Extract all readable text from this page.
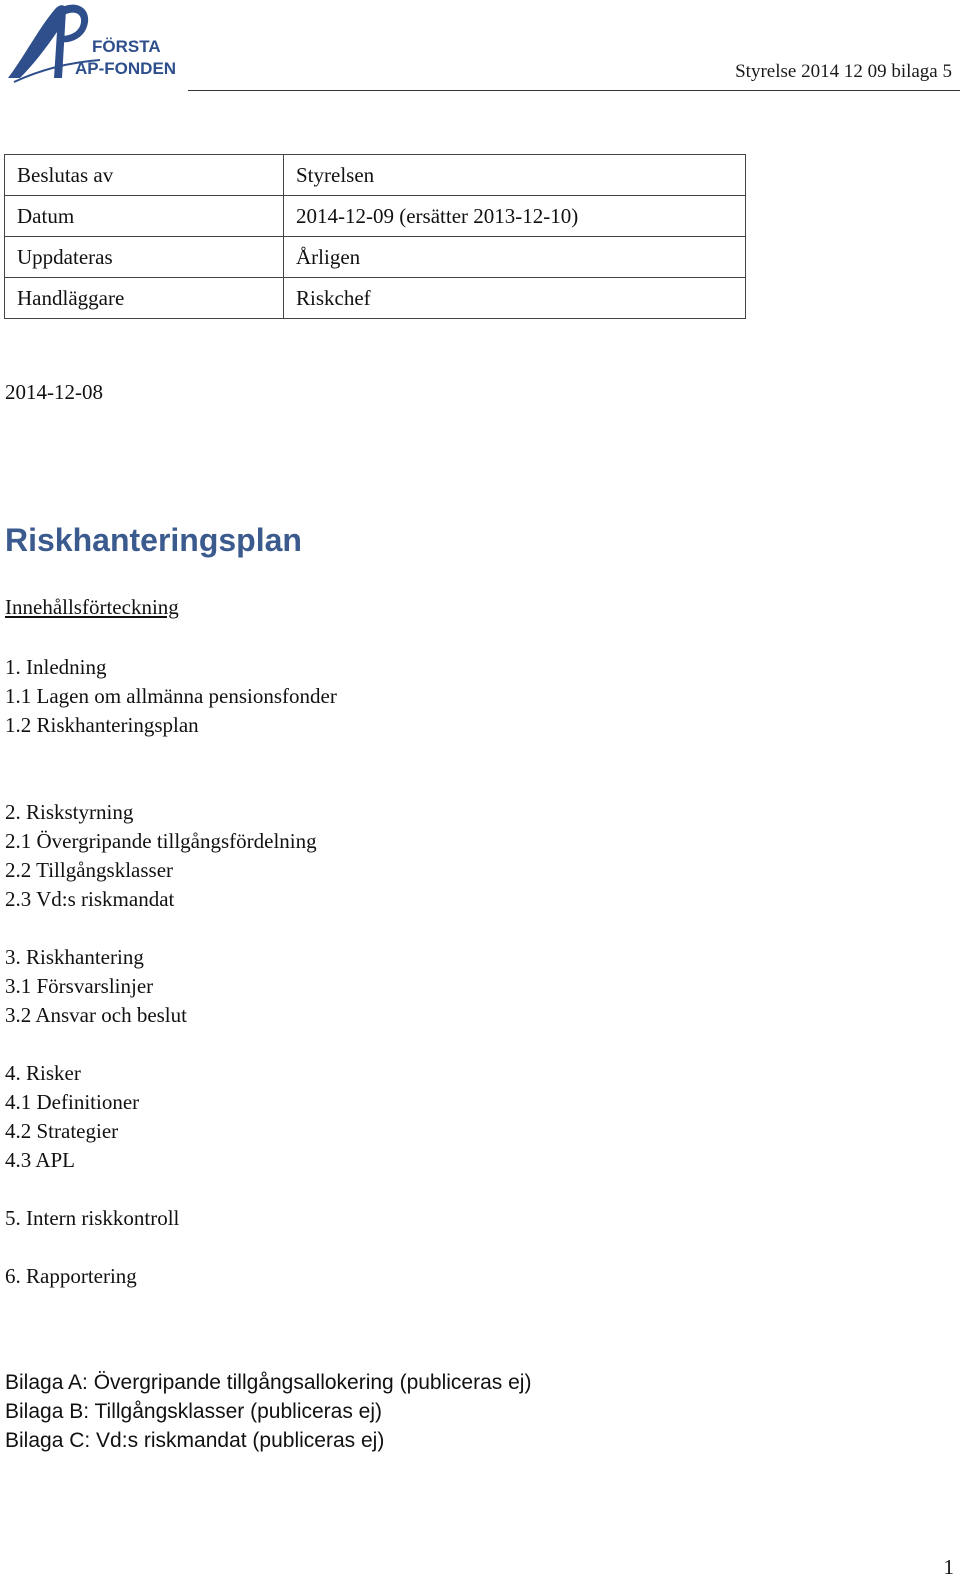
FÖRSTA
AP-FONDEN	Styrelse 2014 12 09 bilaga 5
Beslutas av	Styrelsen
Datum	2014-12-09 (ersätter 2013-12-10)
Uppdateras	Årligen
Handläggare	Riskchef
2014-12-08
Riskhanteringsplan
Innehållsförteckning
1. Inledning
1.1 Lagen om allmänna pensionsfonder
1.2 Riskhanteringsplan
2. Riskstyrning
2.1 Övergripande tillgångsfördelning
2.2 Tillgångsklasser
2.3 Vd:s riskmandat
3. Riskhantering
3.1 Försvarslinjer
3.2 Ansvar och beslut
4. Risker
4.1 Definitioner
4.2 Strategier
4.3 APL
5. Intern riskkontroll
6. Rapportering
Bilaga A: Övergripande tillgångsallokering (publiceras ej)
Bilaga B: Tillgångsklasser (publiceras ej)
Bilaga C: Vd:s riskmandat (publiceras ej)
1
